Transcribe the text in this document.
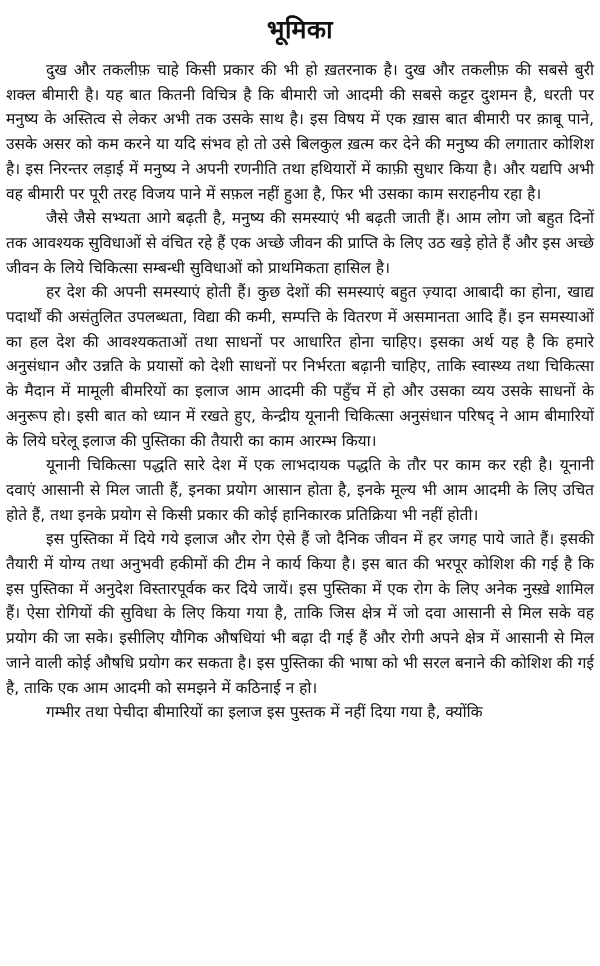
भूमिका

दुख और तकलीफ़ चाहे किसी प्रकार की भी हो ख़तरनाक है। दुख और तकलीफ़ की सबसे बुरी शक्ल बीमारी है। यह बात कितनी विचित्र है कि बीमारी जो आदमी की सबसे कट्टर दुशमन है, धरती पर मनुष्य के अस्तित्व से लेकर अभी तक उसके साथ है। इस विषय में एक ख़ास बात बीमारी पर क़ाबू पाने, उसके असर को कम करने या यदि संभव हो तो उसे बिलकुल ख़त्म कर देने की मनुष्य की लगातार कोशिश है। इस निरन्तर लड़ाई में मनुष्य ने अपनी रणनीति तथा हथियारों में काफ़ी सुधार किया है। और यद्यपि अभी वह बीमारी पर पूरी तरह विजय पाने में सफ़ल नहीं हुआ है, फिर भी उसका काम सराहनीय रहा है।

जैसे जैसे सभ्यता आगे बढ़ती है, मनुष्य की समस्याएं भी बढ़ती जाती हैं। आम लोग जो बहुत दिनों तक आवश्यक सुविधाओं से वंचित रहे हैं एक अच्छे जीवन की प्राप्ति के लिए उठ खड़े होते हैं और इस अच्छे जीवन के लिये चिकित्सा सम्बन्धी सुविधाओं को प्राथमिकता हासिल है।

हर देश की अपनी समस्याएं होती हैं। कुछ देशों की समस्याएं बहुत ज़्यादा आबादी का होना, खाद्य पदार्थों की असंतुलित उपलब्धता, विद्या की कमी, सम्पत्ति के वितरण में असमानता आदि हैं। इन समस्याओं का हल देश की आवश्यकताओं तथा साधनों पर आधारित होना चाहिए। इसका अर्थ यह है कि हमारे अनुसंधान और उन्नति के प्रयासों को देशी साधनों पर निर्भरता बढ़ानी चाहिए, ताकि स्वास्थ्य तथा चिकित्सा के मैदान में मामूली बीमरियों का इलाज आम आदमी की पहुँच में हो और उसका व्यय उसके साधनों के अनुरूप हो। इसी बात को ध्यान में रखते हुए, केन्द्रीय यूनानी चिकित्सा अनुसंधान परिषद् ने आम बीमारियों के लिये घरेलू इलाज की पुस्तिका की तैयारी का काम आरम्भ किया।

यूनानी चिकित्सा पद्धति सारे देश में एक लाभदायक पद्धति के तौर पर काम कर रही है। यूनानी दवाएं आसानी से मिल जाती हैं, इनका प्रयोग आसान होता है, इनके मूल्य भी आम आदमी के लिए उचित होते हैं, तथा इनके प्रयोग से किसी प्रकार की कोई हानिकारक प्रतिक्रिया भी नहीं होती।

इस पुस्तिका में दिये गये इलाज और रोग ऐसे हैं जो दैनिक जीवन में हर जगह पाये जाते हैं। इसकी तैयारी में योग्य तथा अनुभवी हकीमों की टीम ने कार्य किया है। इस बात की भरपूर कोशिश की गई है कि इस पुस्तिका में अनुदेश विस्तारपूर्वक कर दिये जायें। इस पुस्तिका में एक रोग के लिए अनेक नुस्ख़े शामिल हैं। ऐसा रोगियों की सुविधा के लिए किया गया है, ताकि जिस क्षेत्र में जो दवा आसानी से मिल सके वह प्रयोग की जा सके। इसीलिए यौगिक औषधियां भी बढ़ा दी गई हैं और रोगी अपने क्षेत्र में आसानी से मिल जाने वाली कोई औषधि प्रयोग कर सकता है। इस पुस्तिका की भाषा को भी सरल बनाने की कोशिश की गई है, ताकि एक आम आदमी को समझने में कठिनाई न हो।

गम्भीर तथा पेचीदा बीमारियों का इलाज इस पुस्तक में नहीं दिया गया है, क्योंकि
